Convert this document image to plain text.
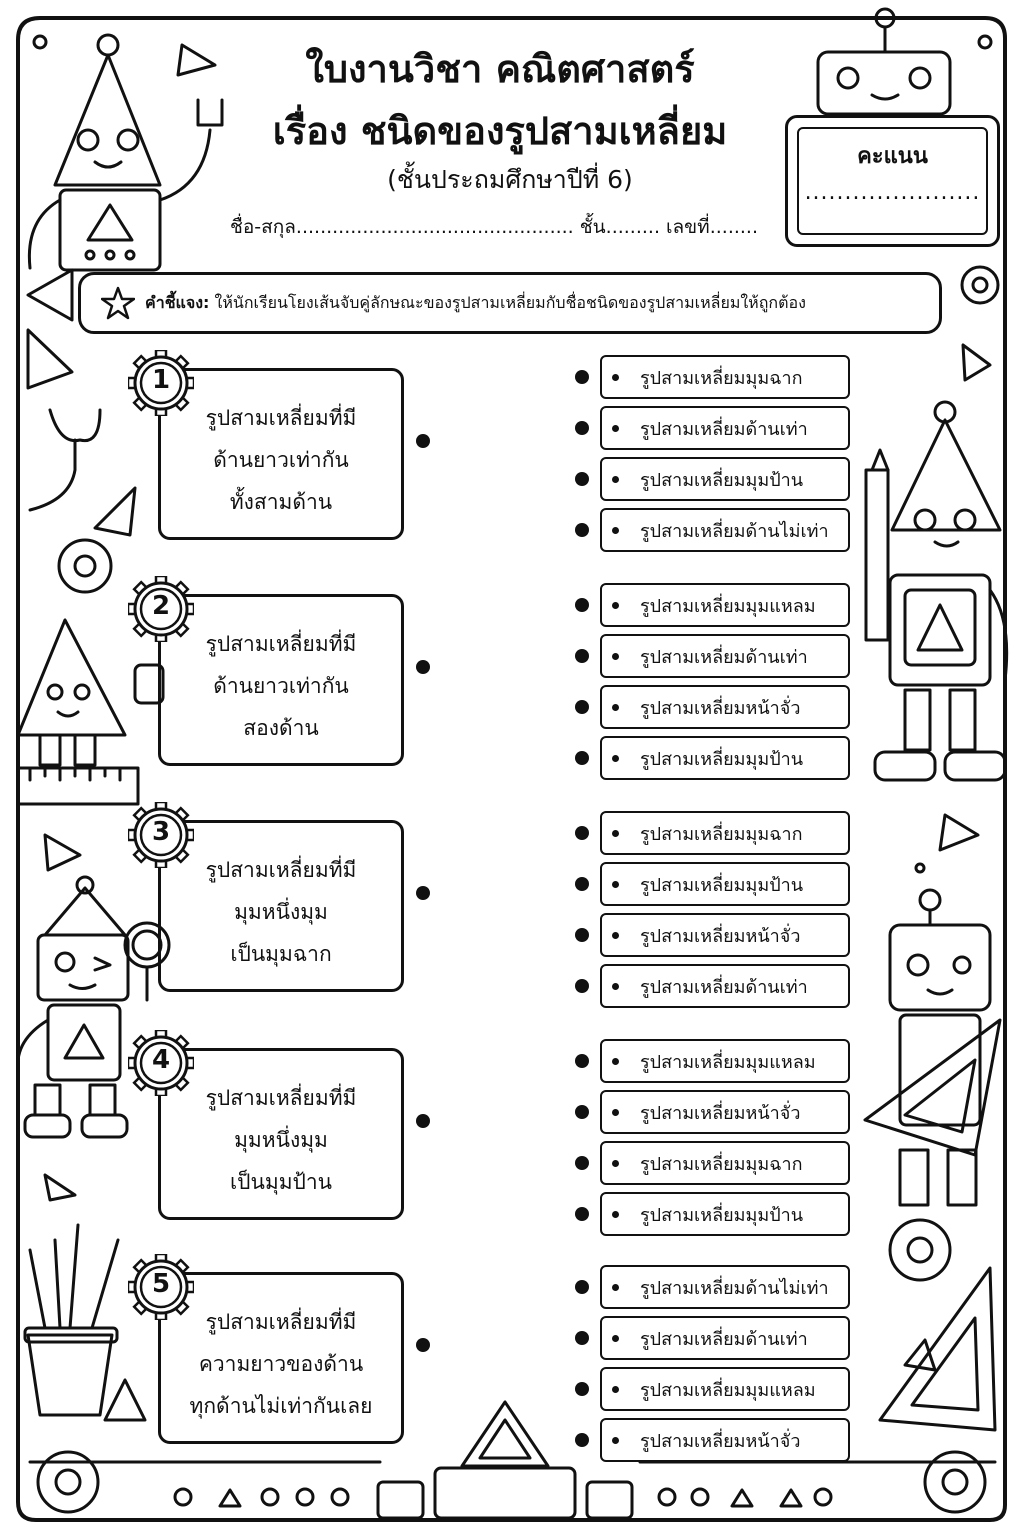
ใบงานวิชา คณิตศาสตร์
เรื่อง ชนิดของรูปสามเหลี่ยม
(ชั้นประถมศึกษาปีที่ 6)
ชื่อ-สกุล.............................................. ชั้น......... เลขที่........
คะแนน
......................
คำชี้แจง: ให้นักเรียนโยงเส้นจับคู่ลักษณะของรูปสามเหลี่ยมกับชื่อชนิดของรูปสามเหลี่ยมให้ถูกต้อง
รูปสามเหลี่ยมที่มี
ด้านยาวเท่ากัน
ทั้งสามด้าน
1	รูปสามเหลี่ยมมุมฉาก
รูปสามเหลี่ยมด้านเท่า
รูปสามเหลี่ยมมุมป้าน
รูปสามเหลี่ยมด้านไม่เท่า
รูปสามเหลี่ยมที่มี
ด้านยาวเท่ากัน
สองด้าน
2	รูปสามเหลี่ยมมุมแหลม
รูปสามเหลี่ยมด้านเท่า
รูปสามเหลี่ยมหน้าจั่ว
รูปสามเหลี่ยมมุมป้าน
รูปสามเหลี่ยมที่มี
มุมหนึ่งมุม
เป็นมุมฉาก
3	รูปสามเหลี่ยมมุมฉาก
รูปสามเหลี่ยมมุมป้าน
รูปสามเหลี่ยมหน้าจั่ว
รูปสามเหลี่ยมด้านเท่า
รูปสามเหลี่ยมที่มี
มุมหนึ่งมุม
เป็นมุมป้าน
4	รูปสามเหลี่ยมมุมแหลม
รูปสามเหลี่ยมหน้าจั่ว
รูปสามเหลี่ยมมุมฉาก
รูปสามเหลี่ยมมุมป้าน
รูปสามเหลี่ยมที่มี
ความยาวของด้าน
ทุกด้านไม่เท่ากันเลย
5	รูปสามเหลี่ยมด้านไม่เท่า
รูปสามเหลี่ยมด้านเท่า
รูปสามเหลี่ยมมุมแหลม
รูปสามเหลี่ยมหน้าจั่ว
